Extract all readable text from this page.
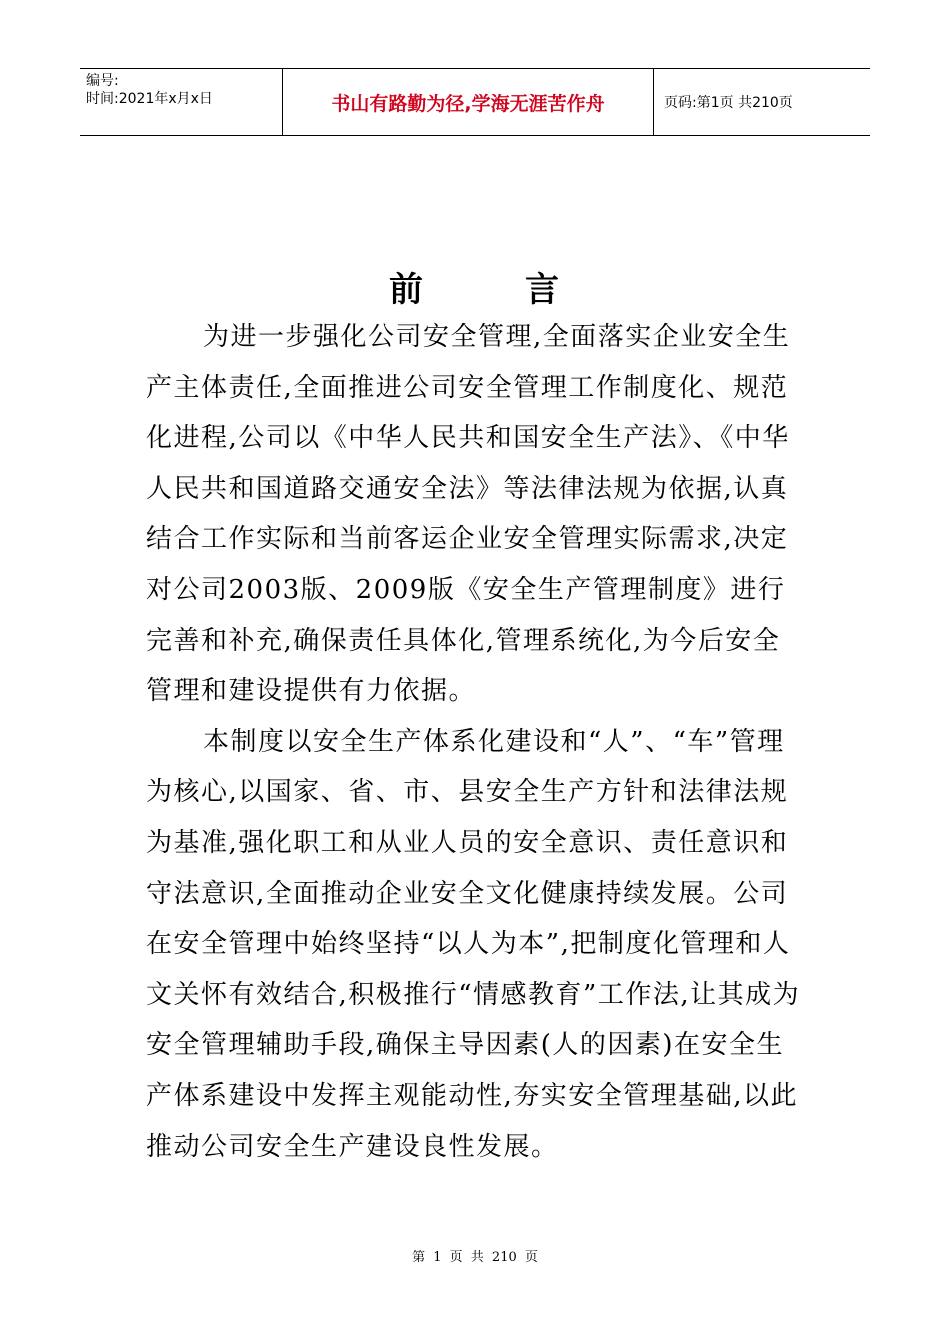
编号:
时间:2021年x月x日	书山有路勤为径,学海无涯苦作舟	页码:第1页 共210页
前	言

为进一步强化公司安全管理,全面落实企业安全生产主体责任,全面推进公司安全管理工作制度化、规范化进程,公司以《中华人民共和国安全生产法》、《中华人民共和国道路交通安全法》等法律法规为依据,认真结合工作实际和当前客运企业安全管理实际需求,决定对公司2003版、2009版《安全生产管理制度》进行完善和补充,确保责任具体化,管理系统化,为今后安全管理和建设提供有力依据。

本制度以安全生产体系化建设和“人”、“车”管理为核心,以国家、省、市、县安全生产方针和法律法规为基准,强化职工和从业人员的安全意识、责任意识和守法意识,全面推动企业安全文化健康持续发展。公司在安全管理中始终坚持“以人为本”,把制度化管理和人文关怀有效结合,积极推行“情感教育”工作法,让其成为安全管理辅助手段,确保主导因素(人的因素)在安全生产体系建设中发挥主观能动性,夯实安全管理基础,以此推动公司安全生产建设良性发展。

第 1 页 共 210 页
